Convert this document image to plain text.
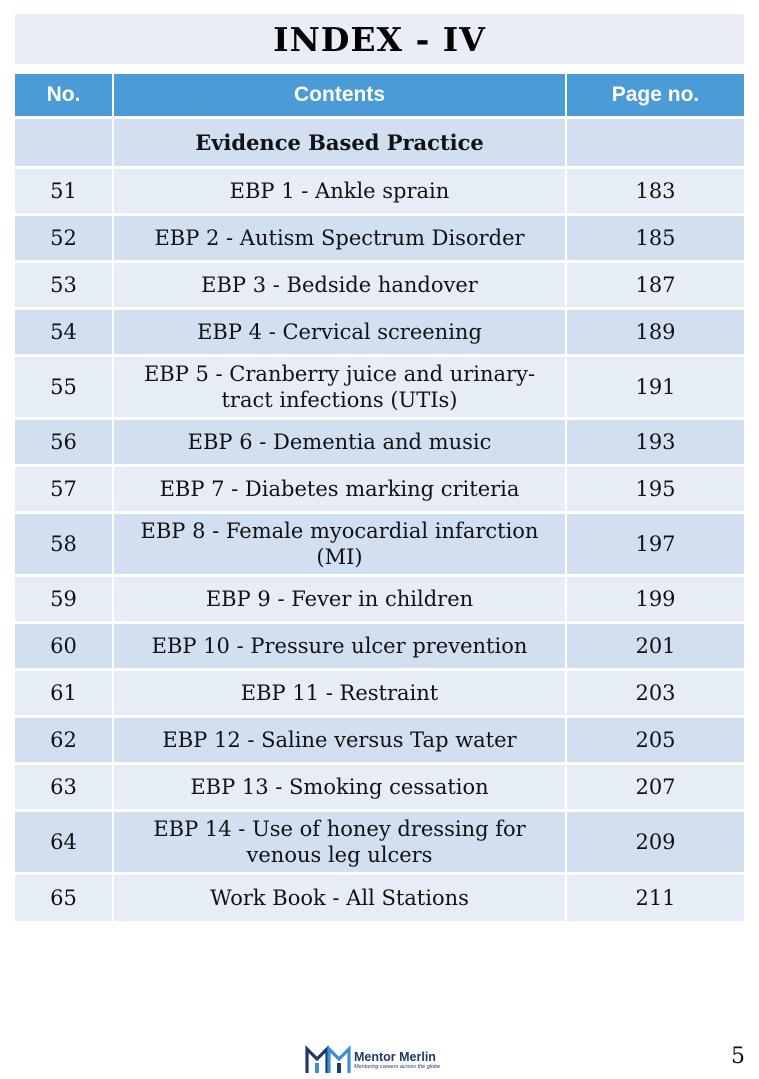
INDEX - IV
No.	Contents	Page no.
	Evidence Based Practice	
51	EBP 1 - Ankle sprain	183
52	EBP 2 - Autism Spectrum Disorder	185
53	EBP 3 - Bedside handover	187
54	EBP 4 - Cervical screening	189
55	EBP 5 - Cranberry juice and urinary-tract infections (UTIs)	191
56	EBP 6 - Dementia and music	193
57	EBP 7 - Diabetes marking criteria	195
58	EBP 8 - Female myocardial infarction (MI)	197
59	EBP 9 - Fever in children	199
60	EBP 10 - Pressure ulcer prevention	201
61	EBP 11 - Restraint	203
62	EBP 12 - Saline versus Tap water	205
63	EBP 13 - Smoking cessation	207
64	EBP 14 - Use of honey dressing for venous leg ulcers	209
65	Work Book - All Stations	211
Mentor Merlin
Mentoring careers across the globe	5
